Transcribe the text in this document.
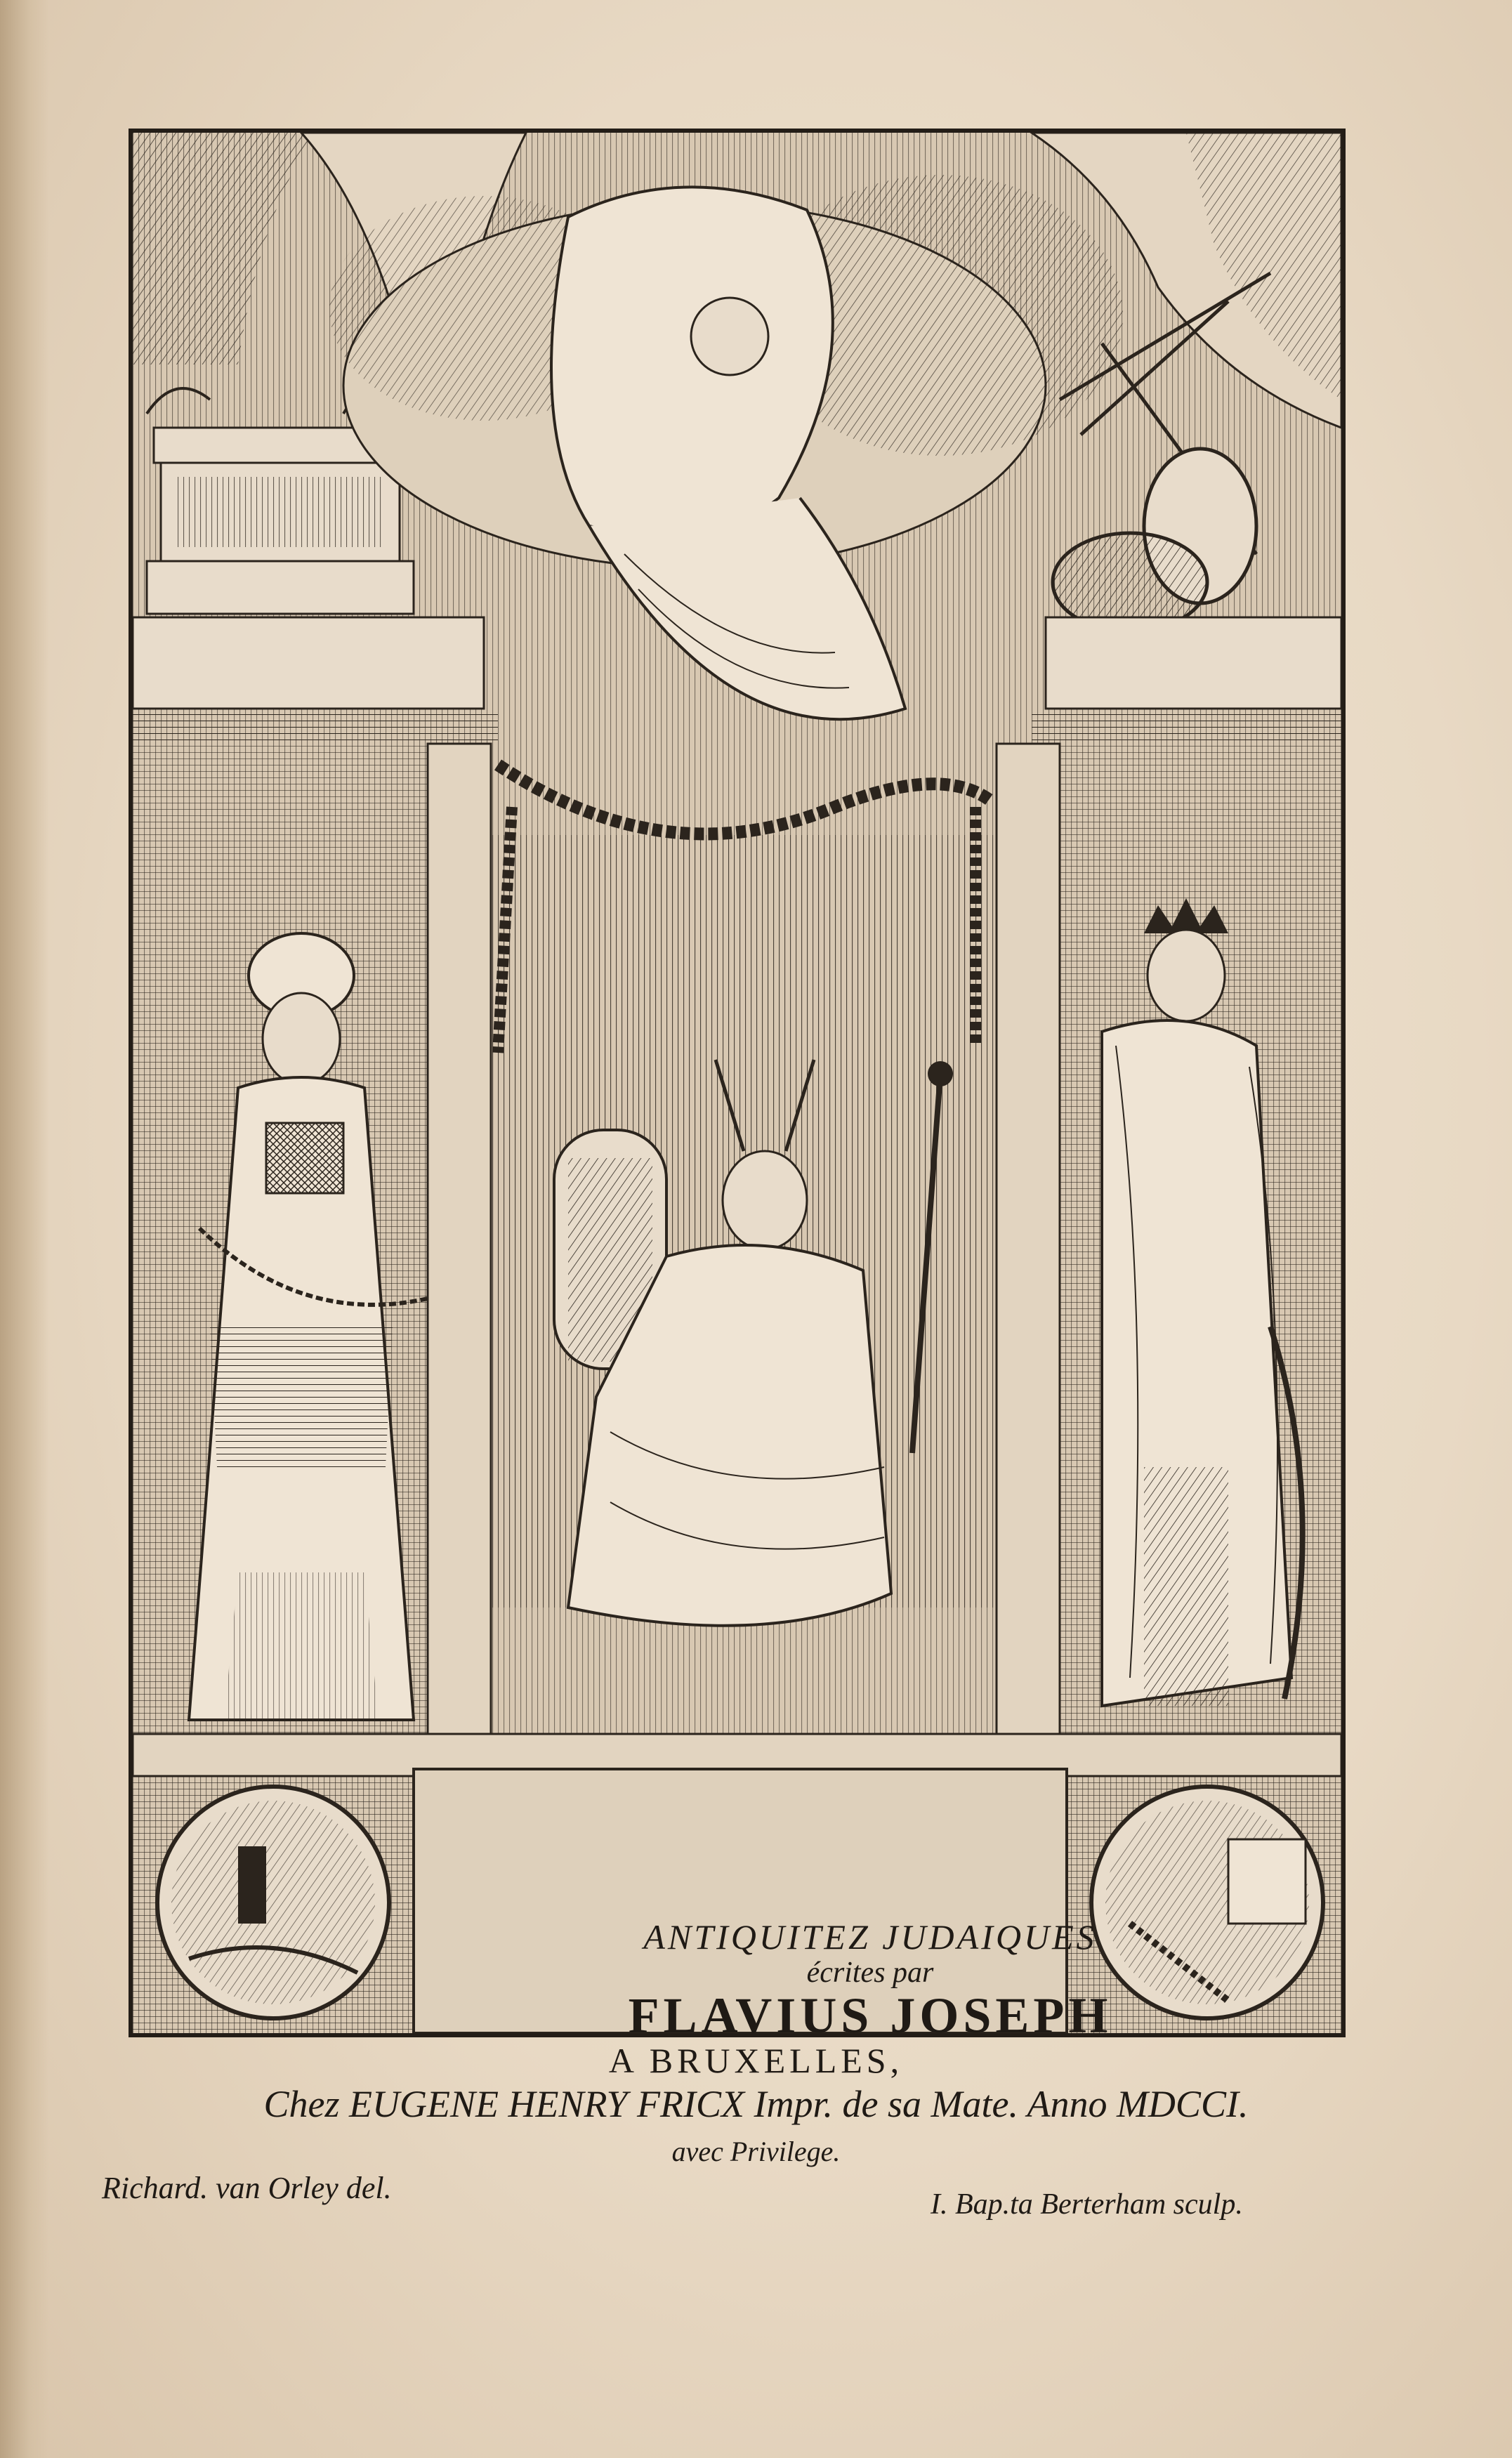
ANTIQUITEZ JUDAIQUES
écrites par
FLAVIUS JOSEPH
A BRUXELLES,
Chez EUGENE HENRY FRICX Impr. de sa Mate. Anno MDCCI.
avec Privilege.
Richard. van Orley del.	I. Bap.ta Berterham sculp.
